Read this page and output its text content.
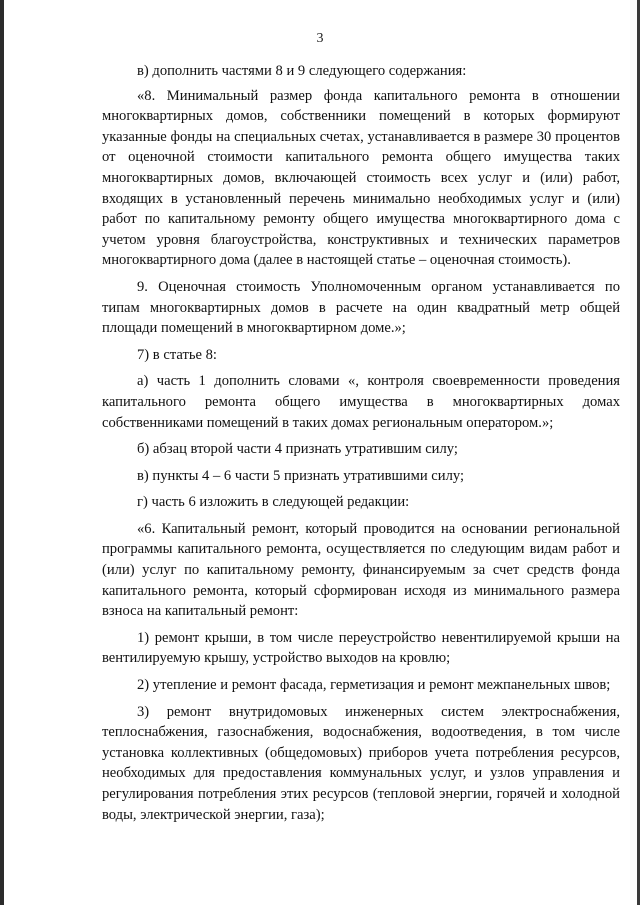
3

в) дополнить частями 8 и 9 следующего содержания:

«8. Минимальный размер фонда капитального ремонта в отношении многоквартирных домов, собственники помещений в которых формируют указанные фонды на специальных счетах, устанавливается в размере 30 процентов от оценочной стоимости капитального ремонта общего имущества таких многоквартирных домов, включающей стоимость всех услуг и (или) работ, входящих в установленный перечень минимально необходимых услуг и (или) работ по капитальному ремонту общего имущества многоквартирного дома с учетом уровня благоустройства, конструктивных и технических параметров многоквартирного дома (далее в настоящей статье – оценочная стоимость).

9. Оценочная стоимость Уполномоченным органом устанавливается по типам многоквартирных домов в расчете на один квадратный метр общей площади помещений в многоквартирном доме.»;

7) в статье 8:

а) часть 1 дополнить словами «, контроля своевременности проведения капитального ремонта общего имущества в многоквартирных домах собственниками помещений в таких домах региональным оператором.»;

б) абзац второй части 4 признать утратившим силу;

в) пункты 4 – 6 части 5 признать утратившими силу;

г) часть 6 изложить в следующей редакции:

«6. Капитальный ремонт, который проводится на основании региональной программы капитального ремонта, осуществляется по следующим видам работ и (или) услуг по капитальному ремонту, финансируемым за счет средств фонда капитального ремонта, который сформирован исходя из минимального размера взноса на капитальный ремонт:

1) ремонт крыши, в том числе переустройство невентилируемой крыши на вентилируемую крышу, устройство выходов на кровлю;

2) утепление и ремонт фасада, герметизация и ремонт межпанельных швов;

3) ремонт внутридомовых инженерных систем электроснабжения, теплоснабжения, газоснабжения, водоснабжения, водоотведения, в том числе установка коллективных (общедомовых) приборов учета потребления ресурсов, необходимых для предоставления коммунальных услуг, и узлов управления и регулирования потребления этих ресурсов (тепловой энергии, горячей и холодной воды, электрической энергии, газа);
